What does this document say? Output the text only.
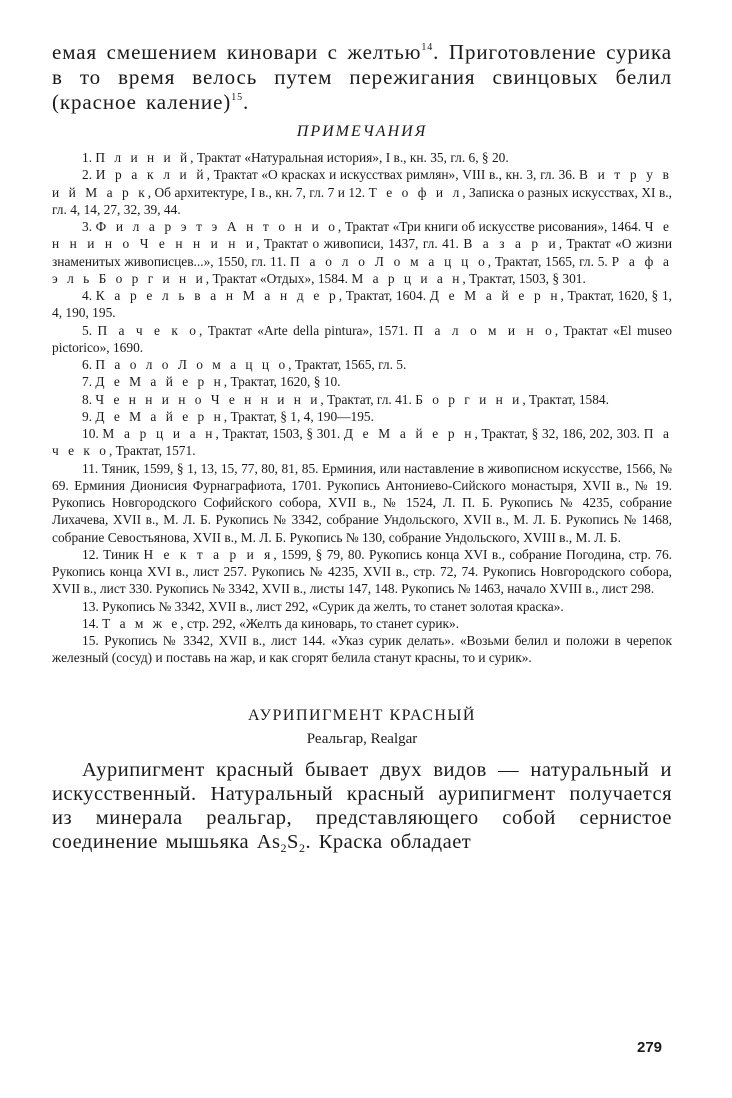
емая смешением киновари с желтью$^{14}$. Приготовление сурика в то время велось путем пережигания свинцовых белил (красное каление)$^{15}$.

ПРИМЕЧАНИЯ

1. П л и н и й, Трактат «Натуральная история», I в., кн. 35, гл. 6, § 20.

2. И р а к л и й, Трактат «О красках и искусствах римлян», VIII в., кн. 3, гл. 36. В и т р у в и й М а р к, Об архитектуре, I в., кн. 7, гл. 7 и 12. Т е о ф и л, Записка о разных искусствах, XI в., гл. 4, 14, 27, 32, 39, 44.

3. Ф и л а р э т э А н т о н и о, Трактат «Три книги об искусстве рисования», 1464. Ч е н н и н о Ч е н н и н и, Трактат о живописи, 1437, гл. 41. В а з а р и, Трактат «О жизни знаменитых живописцев...», 1550, гл. 11. П а о л о Л о м а ц ц о, Трактат, 1565, гл. 5. Р а ф а э л ь Б о р г и н и, Трактат «Отдых», 1584. М а р ц и а н, Трактат, 1503, § 301.

4. К а р е л ь в а н М а н д е р, Трактат, 1604. Д е М а й е р н, Трактат, 1620, § 1, 4, 190, 195.

5. П а ч е к о, Трактат «Arte della pintura», 1571. П а л о м и н о, Трактат «El museo pictorico», 1690.

6. П а о л о Л о м а ц ц о, Трактат, 1565, гл. 5.

7. Д е М а й е р н, Трактат, 1620, § 10.

8. Ч е н н и н о Ч е н н и н и, Трактат, гл. 41. Б о р г и н и, Трактат, 1584.

9. Д е М а й е р н, Трактат, § 1, 4, 190—195.

10. М а р ц и а н, Трактат, 1503, § 301. Д е М а й е р н, Трактат, § 32, 186, 202, 303. П а ч е к о, Трактат, 1571.

11. Тяник, 1599, § 1, 13, 15, 77, 80, 81, 85. Ерминия, или наставление в живописном искусстве, 1566, № 69. Ерминия Дионисия Фурнаграфиота, 1701. Рукопись Антониево-Сийского монастыря, XVII в., № 19. Рукопись Новгородского Софийского собора, XVII в., № 1524, Л. П. Б. Рукопись № 4235, собрание Лихачева, XVII в., М. Л. Б. Рукопись № 3342, собрание Ундольского, XVII в., М. Л. Б. Рукопись № 1468, собрание Севостьянова, XVII в., М. Л. Б. Рукопись № 130, собрание Ундольского, XVIII в., М. Л. Б.

12. Тиник Н е к т а р и я, 1599, § 79, 80. Рукопись конца XVI в., собрание Погодина, стр. 76. Рукопись конца XVI в., лист 257. Рукопись № 4235, XVII в., стр. 72, 74. Рукопись Новгородского собора, XVII в., лист 330. Рукопись № 3342, XVII в., листы 147, 148. Рукопись № 1463, начало XVIII в., лист 298.

13. Рукопись № 3342, XVII в., лист 292, «Сурик да желть, то станет золотая краска».

14. Т а м ж е, стр. 292, «Желть да киноварь, то станет сурик».

15. Рукопись № 3342, XVII в., лист 144. «Указ сурик делать». «Возьми белил и положи в черепок железный (сосуд) и поставь на жар, и как сгорят белила станут красны, то и сурик».

АУРИПИГМЕНТ КРАСНЫЙ
Реальгар, Realgar

Аурипигмент красный бывает двух видов — натуральный и искусственный. Натуральный красный аурипигмент получается из минерала реальгар, представляющего собой сернистое соединение мышьяка $As_2S_2$. Краска обладает

279
